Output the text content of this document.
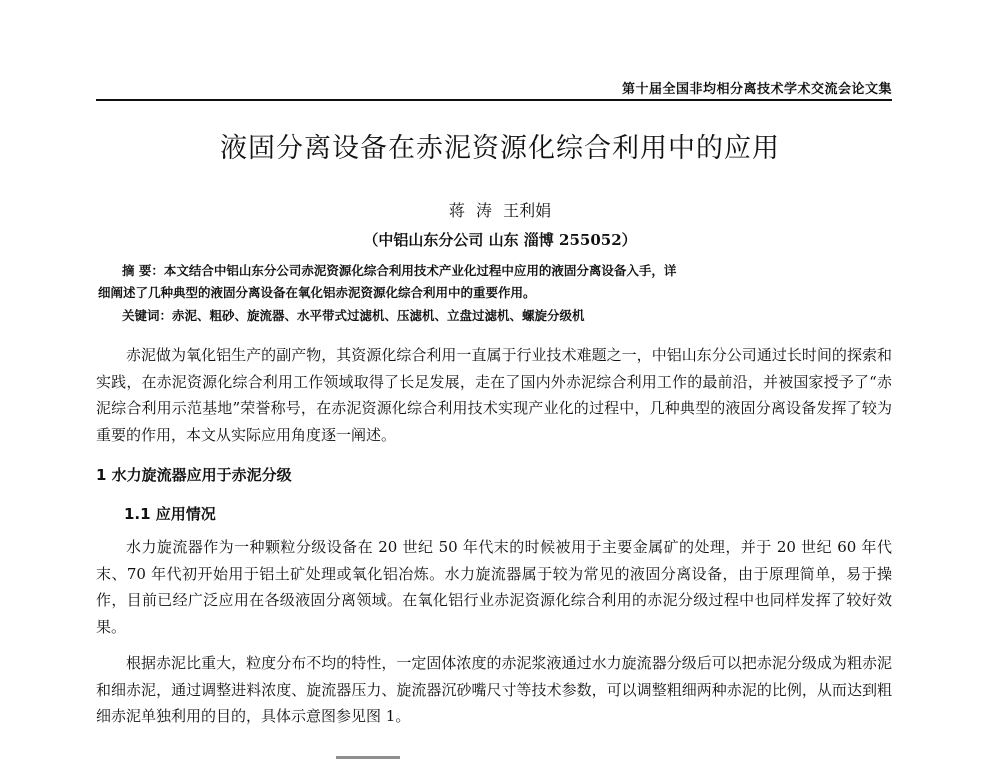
第十届全国非均相分离技术学术交流会论文集
液固分离设备在赤泥资源化综合利用中的应用
蒋 涛 王利娟
（中铝山东分公司 山东 淄博 255052）
摘 要：本文结合中铝山东分公司赤泥资源化综合利用技术产业化过程中应用的液固分离设备入手，详
细阐述了几种典型的液固分离设备在氧化铝赤泥资源化综合利用中的重要作用。
关键词：赤泥、粗砂、旋流器、水平带式过滤机、压滤机、立盘过滤机、螺旋分级机
赤泥做为氧化铝生产的副产物，其资源化综合利用一直属于行业技术难题之一，中铝山东分公司通过长时间的探索和实践，在赤泥资源化综合利用工作领域取得了长足发展，走在了国内外赤泥综合利用工作的最前沿，并被国家授予了“赤泥综合利用示范基地”荣誉称号，在赤泥资源化综合利用技术实现产业化的过程中，几种典型的液固分离设备发挥了较为重要的作用，本文从实际应用角度逐一阐述。
1 水力旋流器应用于赤泥分级
1.1 应用情况
水力旋流器作为一种颗粒分级设备在 20 世纪 50 年代末的时候被用于主要金属矿的处理，并于 20 世纪 60 年代末、70 年代初开始用于铝土矿处理或氧化铝冶炼。水力旋流器属于较为常见的液固分离设备，由于原理简单，易于操作，目前已经广泛应用在各级液固分离领域。在氧化铝行业赤泥资源化综合利用的赤泥分级过程中也同样发挥了较好效果。
根据赤泥比重大，粒度分布不均的特性，一定固体浓度的赤泥浆液通过水力旋流器分级后可以把赤泥分级成为粗赤泥和细赤泥，通过调整进料浓度、旋流器压力、旋流器沉砂嘴尺寸等技术参数，可以调整粗细两种赤泥的比例，从而达到粗细赤泥单独利用的目的，具体示意图参见图 1。
